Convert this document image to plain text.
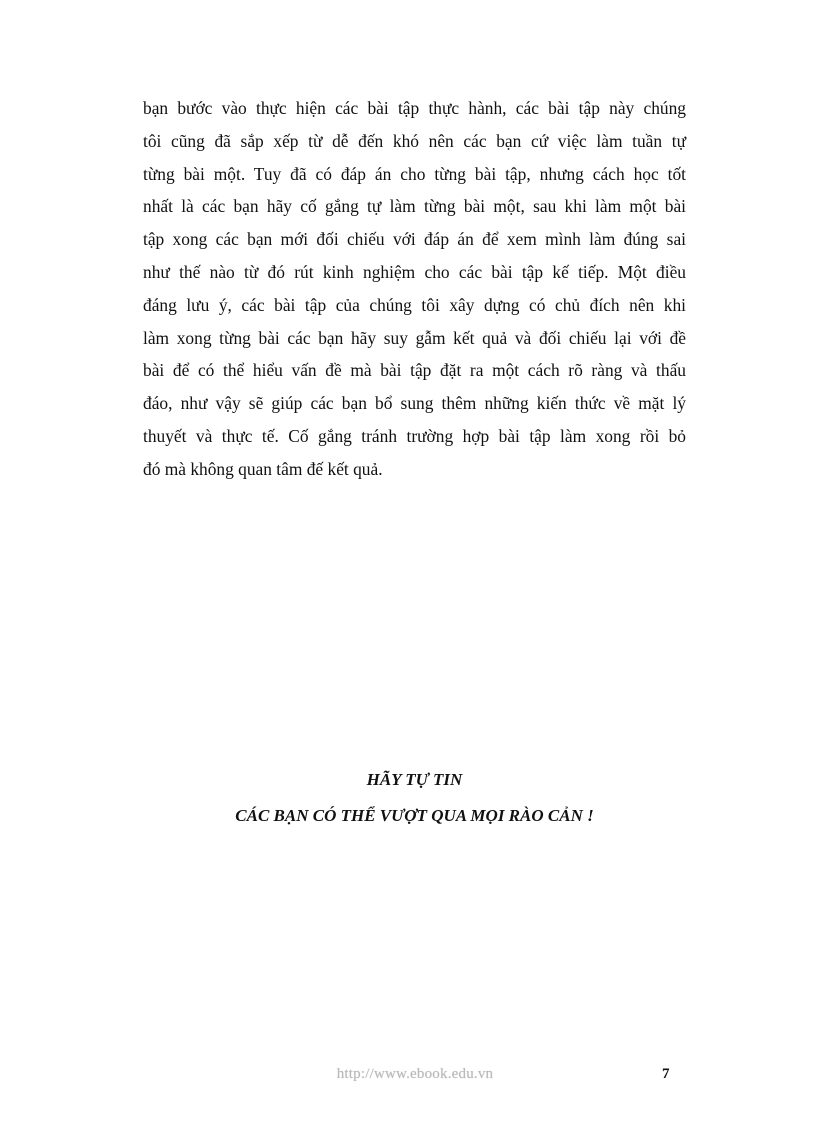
bạn bước vào thực hiện các bài tập thực hành, các bài tập này chúng
tôi cũng đã sắp xếp từ dễ đến khó nên các bạn cứ việc làm tuần tự
từng bài một. Tuy đã có đáp án cho từng bài tập, nhưng cách học tốt
nhất là các bạn hãy cố gắng tự làm từng bài một, sau khi làm một bài
tập xong các bạn mới đối chiếu với đáp án để xem mình làm đúng sai
như thế nào từ đó rút kinh nghiệm cho các bài tập kế tiếp. Một điều
đáng lưu ý, các bài tập của chúng tôi xây dựng có chủ đích nên khi
làm xong từng bài các bạn hãy suy gẫm kết quả và đối chiếu lại với đề
bài để có thể hiểu vấn đề mà bài tập đặt ra một cách rõ ràng và thấu
đáo, như vậy sẽ giúp các bạn bổ sung thêm những kiến thức về mặt lý
thuyết và thực tế. Cố gắng tránh trường hợp bài tập làm xong rồi bỏ
đó mà không quan tâm đế kết quả.

HÃY TỰ TIN

CÁC BẠN CÓ THỂ VƯỢT QUA MỌI RÀO CẢN !

http://www.ebook.edu.vn	7
